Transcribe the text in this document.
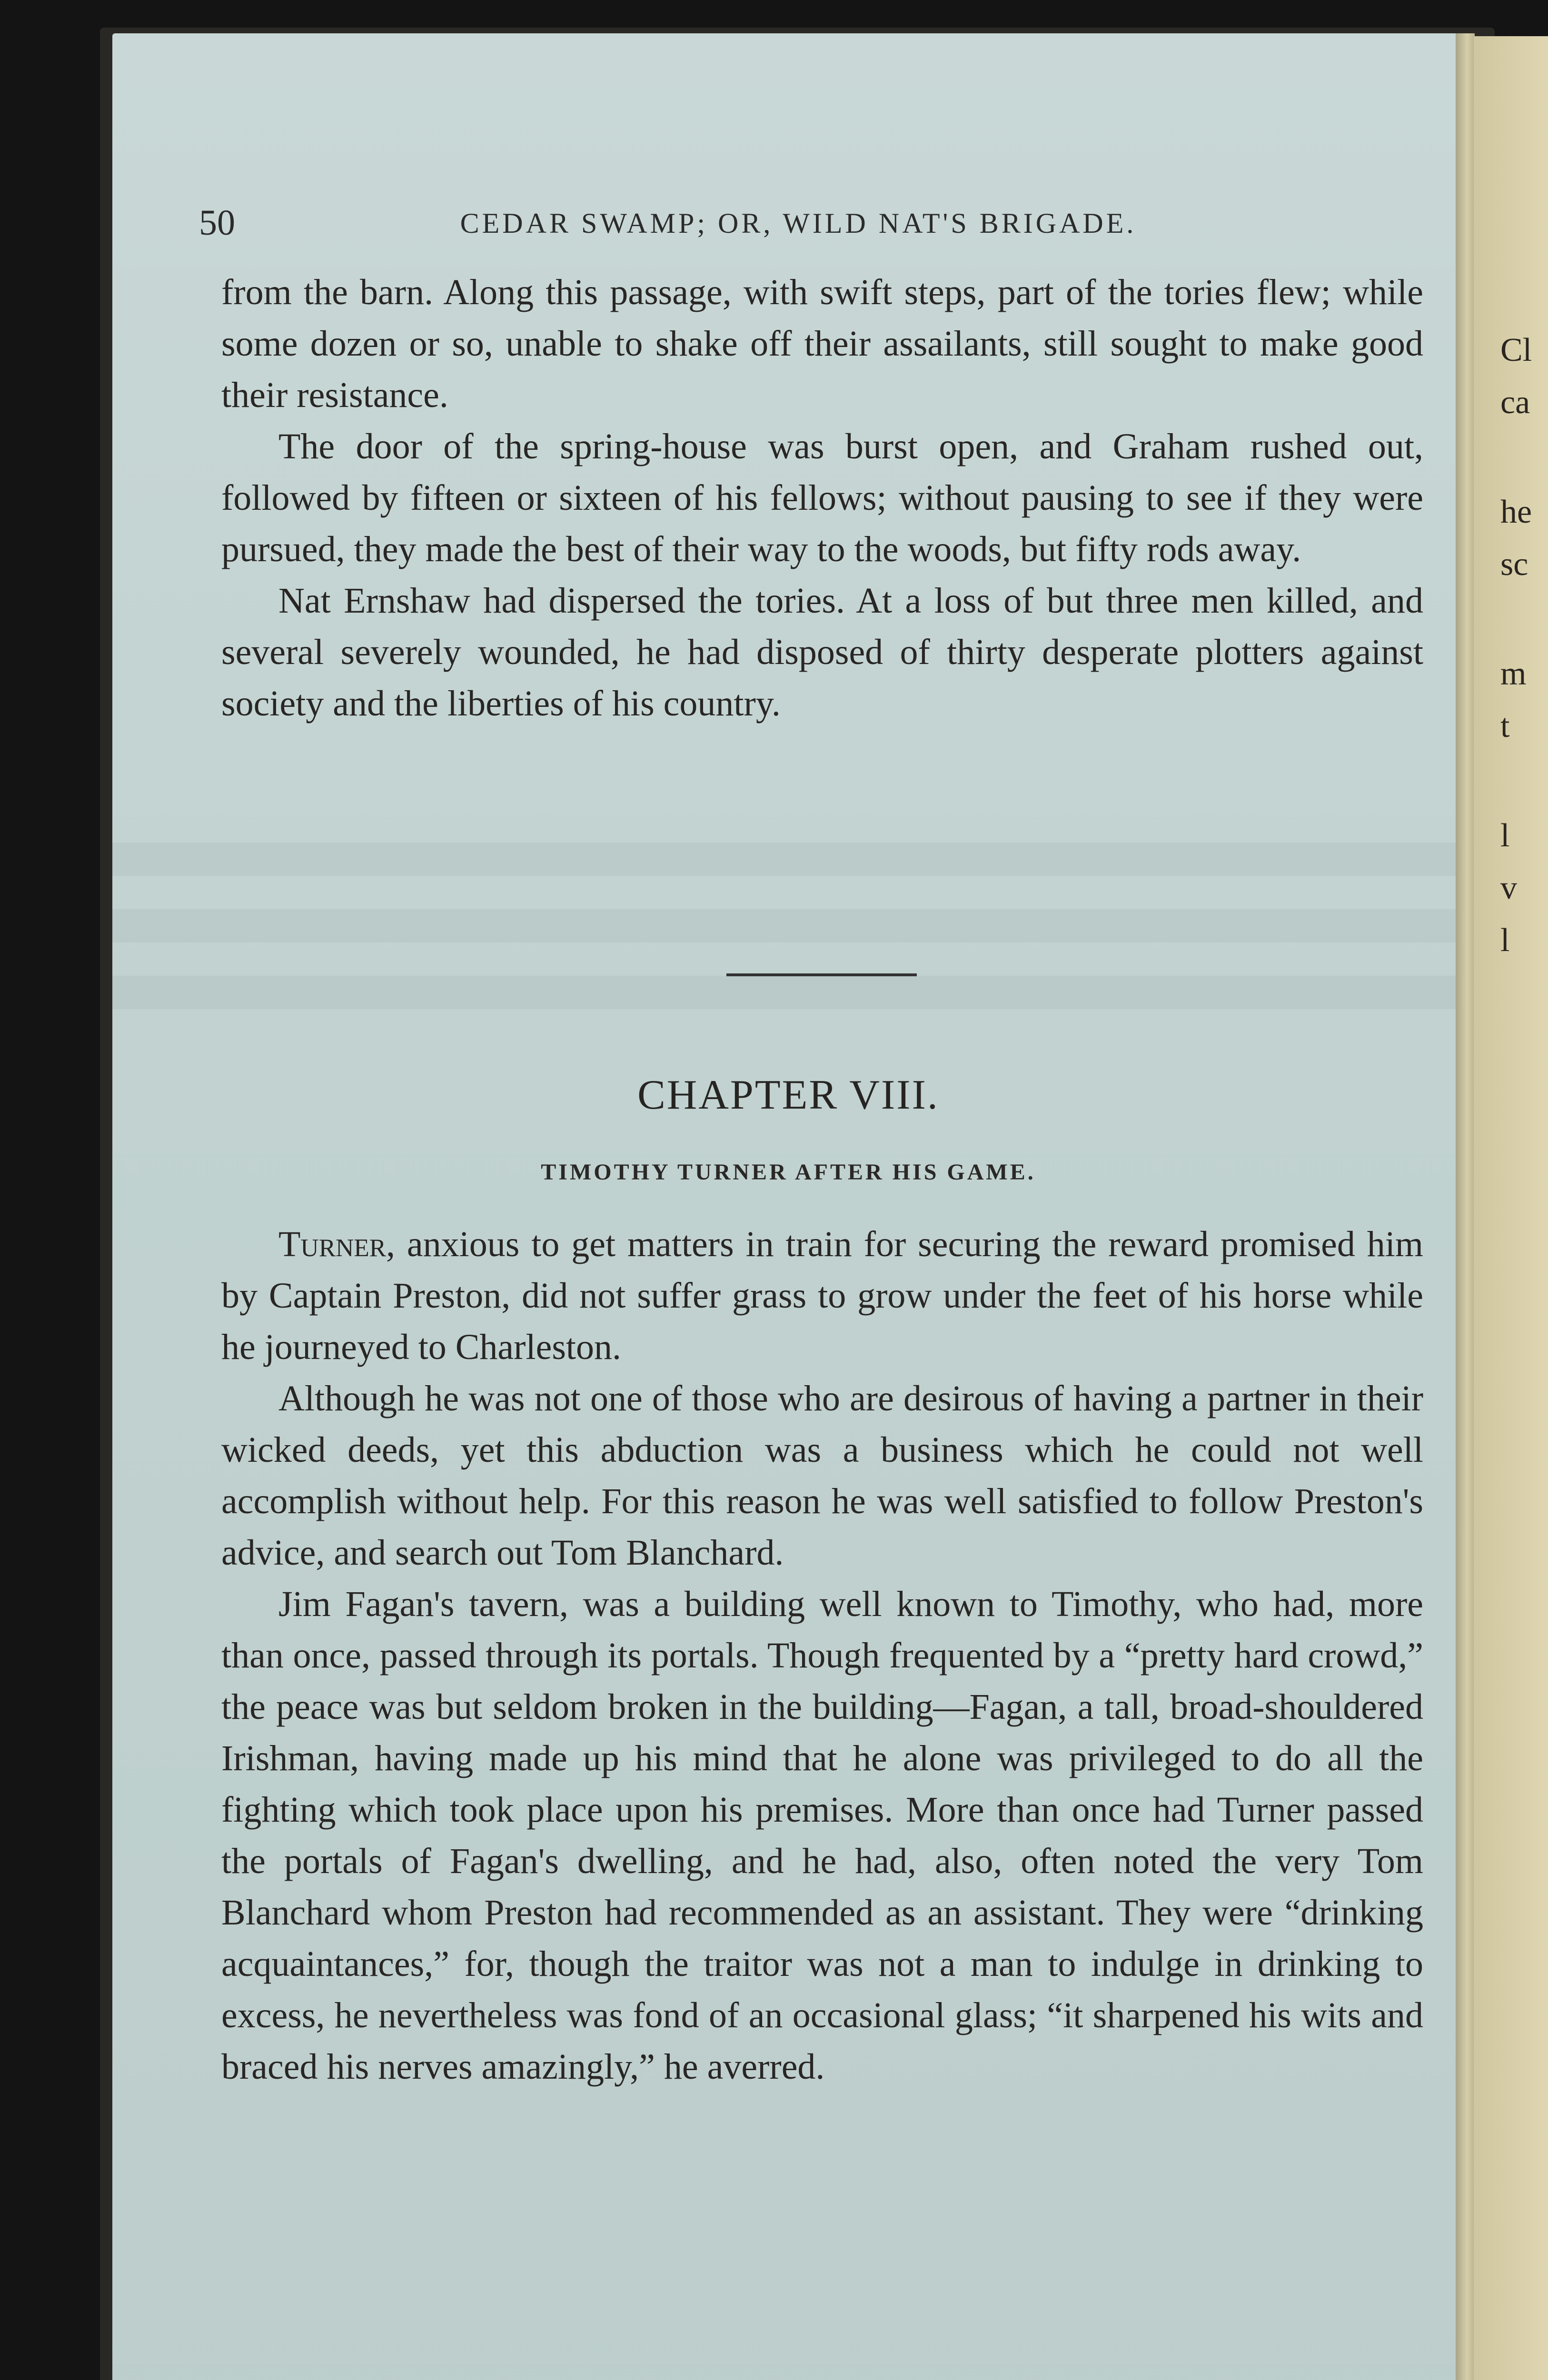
50	CEDAR SWAMP; OR, WILD NAT'S BRIGADE.

from the barn. Along this passage, with swift steps, part of the tories flew; while some dozen or so, unable to shake off their assailants, still sought to make good their resistance.

The door of the spring-house was burst open, and Graham rushed out, followed by fifteen or sixteen of his fellows; without pausing to see if they were pursued, they made the best of their way to the woods, but fifty rods away.

Nat Ernshaw had dispersed the tories. At a loss of but three men killed, and several severely wounded, he had disposed of thirty desperate plotters against society and the liberties of his country.

CHAPTER VIII.
TIMOTHY TURNER AFTER HIS GAME.

Turner, anxious to get matters in train for securing the reward promised him by Captain Preston, did not suffer grass to grow under the feet of his horse while he journeyed to Charleston.

Although he was not one of those who are desirous of having a partner in their wicked deeds, yet this abduction was a business which he could not well accomplish without help. For this reason he was well satisfied to follow Preston's advice, and search out Tom Blanchard.

Jim Fagan's tavern, was a building well known to Timothy, who had, more than once, passed through its portals. Though frequented by a “pretty hard crowd,” the peace was but seldom broken in the building—Fagan, a tall, broad-shouldered Irishman, having made up his mind that he alone was privileged to do all the fighting which took place upon his premises. More than once had Turner passed the portals of Fagan's dwelling, and he had, also, often noted the very Tom Blanchard whom Preston had recommended as an assistant. They were “drinking acquaintances,” for, though the traitor was not a man to indulge in drinking to excess, he nevertheless was fond of an occasional glass; “it sharpened his wits and braced his nerves amazingly,” he averred.

Cl
ca
he
sc
m
t
l
v
l
